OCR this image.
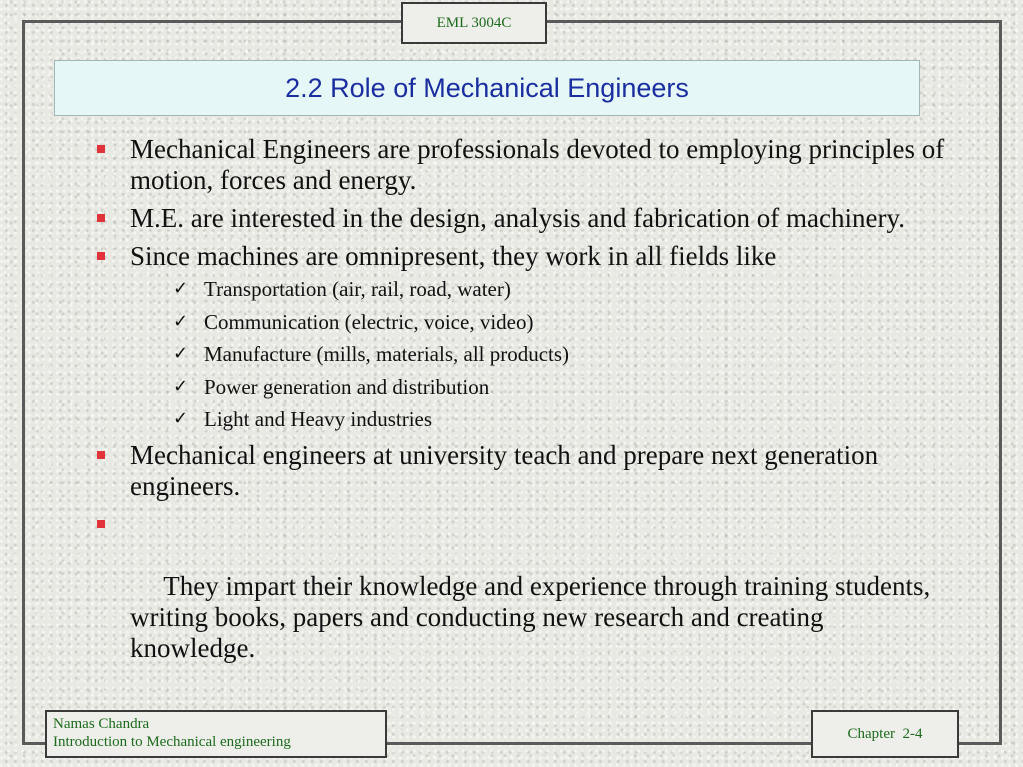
EML 3004C
2.2 Role of Mechanical Engineers
Mechanical Engineers are professionals devoted to employing principles of motion, forces and energy.
M.E. are interested in the design, analysis and fabrication of machinery.
Since machines are omnipresent, they work in all fields like
✓ Transportation (air, rail, road, water)
✓ Communication (electric, voice, video)
✓ Manufacture (mills, materials, all products)
✓ Power generation and distribution
✓ Light and Heavy industries
Mechanical engineers at university teach and prepare next generation engineers.

They impart their knowledge and experience through training students, writing books, papers and conducting new research and creating knowledge.

Namas Chandra
Introduction to Mechanical engineering
Chapter  2-4
